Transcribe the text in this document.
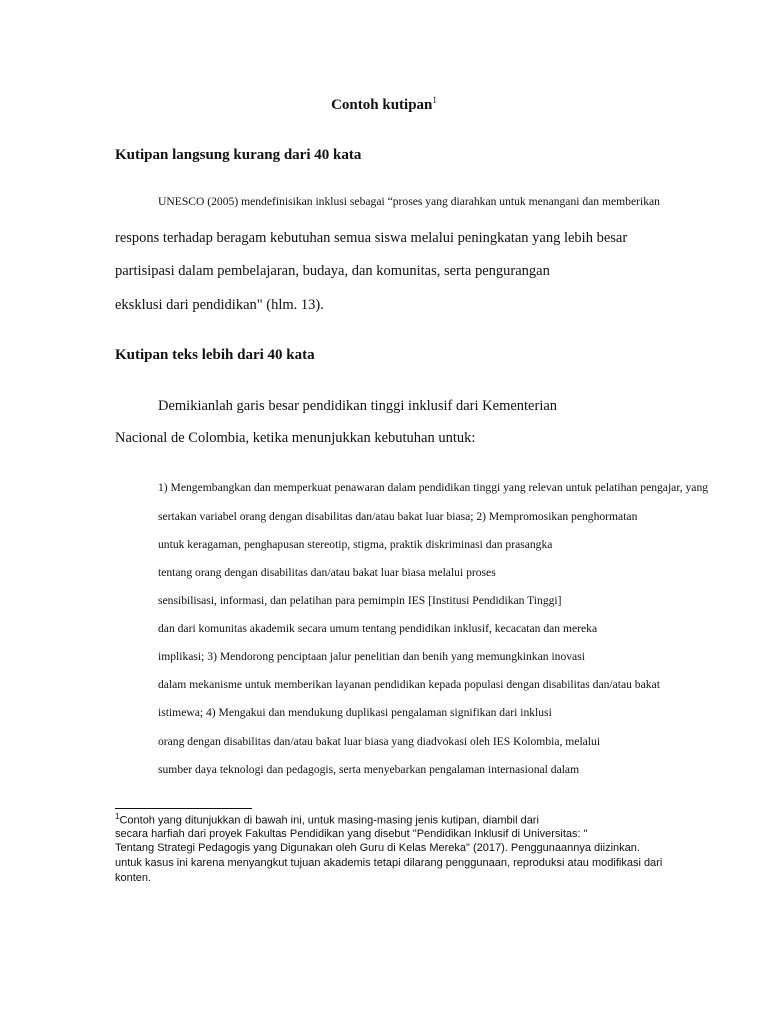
Contoh kutipan$^1$
Kutipan langsung kurang dari 40 kata
UNESCO (2005) mendefinisikan inklusi sebagai “proses yang diarahkan untuk menangani dan memberikan
respons terhadap beragam kebutuhan semua siswa melalui peningkatan yang lebih besar
partisipasi dalam pembelajaran, budaya, dan komunitas, serta pengurangan
eksklusi dari pendidikan" (hlm. 13).
Kutipan teks lebih dari 40 kata
Demikianlah garis besar pendidikan tinggi inklusif dari Kementerian
Nacional de Colombia, ketika menunjukkan kebutuhan untuk:
1) Mengembangkan dan memperkuat penawaran dalam pendidikan tinggi yang relevan untuk pelatihan pengajar, yang
sertakan variabel orang dengan disabilitas dan/atau bakat luar biasa; 2) Mempromosikan penghormatan
untuk keragaman, penghapusan stereotip, stigma, praktik diskriminasi dan prasangka
tentang orang dengan disabilitas dan/atau bakat luar biasa melalui proses
sensibilisasi, informasi, dan pelatihan para pemimpin IES [Institusi Pendidikan Tinggi]
dan dari komunitas akademik secara umum tentang pendidikan inklusif, kecacatan dan mereka
implikasi; 3) Mendorong penciptaan jalur penelitian dan benih yang memungkinkan inovasi
dalam mekanisme untuk memberikan layanan pendidikan kepada populasi dengan disabilitas dan/atau bakat
istimewa; 4) Mengakui dan mendukung duplikasi pengalaman signifikan dari inklusi
orang dengan disabilitas dan/atau bakat luar biasa yang diadvokasi oleh IES Kolombia, melalui
sumber daya teknologi dan pedagogis, serta menyebarkan pengalaman internasional dalam
$^1$Contoh yang ditunjukkan di bawah ini, untuk masing-masing jenis kutipan, diambil dari
secara harfiah dari proyek Fakultas Pendidikan yang disebut "Pendidikan Inklusif di Universitas: "
Tentang Strategi Pedagogis yang Digunakan oleh Guru di Kelas Mereka" (2017). Penggunaannya diizinkan.
untuk kasus ini karena menyangkut tujuan akademis tetapi dilarang penggunaan, reproduksi atau modifikasi dari
konten.
